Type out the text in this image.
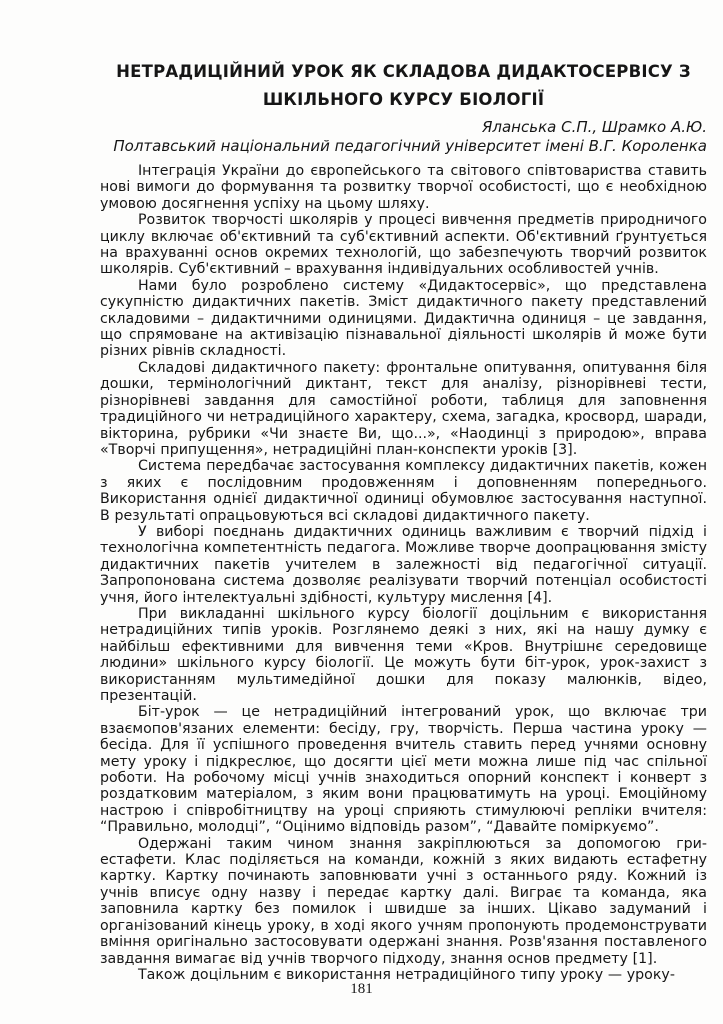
НЕТРАДИЦІЙНИЙ УРОК ЯК СКЛАДОВА ДИДАКТОСЕРВІСУ З ШКІЛЬНОГО КУРСУ БІОЛОГІЇ
Яланська С.П., Шрамко А.Ю.
Полтавський національний педагогічний університет імені В.Г. Короленка

Інтеграція України до європейського та світового співтовариства ставить нові вимоги до формування та розвитку творчої особистості, що є необхідною умовою досягнення успіху на цьому шляху.

Розвиток творчості школярів у процесі вивчення предметів природничого циклу включає об'єктивний та суб'єктивний аспекти. Об'єктивний ґрунтується на врахуванні основ окремих технологій, що забезпечують творчий розвиток школярів. Суб'єктивний – врахування індивідуальних особливостей учнів.

Нами було розроблено систему «Дидактосервіс», що представлена сукупністю дидактичних пакетів. Зміст дидактичного пакету представлений складовими – дидактичними одиницями. Дидактична одиниця – це завдання, що спрямоване на активізацію пізнавальної діяльності школярів й може бути різних рівнів складності.

Складові дидактичного пакету: фронтальне опитування, опитування біля дошки, термінологічний диктант, текст для аналізу, різнорівневі тести, різнорівневі завдання для самостійної роботи, таблиця для заповнення традиційного чи нетрадиційного характеру, схема, загадка, кросворд, шаради, вікторина, рубрики «Чи знаєте Ви, що...», «Наодинці з природою», вправа «Творчі припущення», нетрадиційні план-конспекти уроків [3].

Система передбачає застосування комплексу дидактичних пакетів, кожен з яких є послідовним продовженням і доповненням попереднього. Використання однієї дидактичної одиниці обумовлює застосування наступної. В результаті опрацьовуються всі складові дидактичного пакету.

У виборі поєднань дидактичних одиниць важливим є творчий підхід і технологічна компетентність педагога. Можливе творче доопрацювання змісту дидактичних пакетів учителем в залежності від педагогічної ситуації. Запропонована система дозволяє реалізувати творчий потенціал особистості учня, його інтелектуальні здібності, культуру мислення [4].

При викладанні шкільного курсу біології доцільним є використання нетрадиційних типів уроків. Розглянемо деякі з них, які на нашу думку є найбільш ефективними для вивчення теми «Кров. Внутрішнє середовище людини» шкільного курсу біології. Це можуть бути біт-урок, урок-захист з використанням мультимедійної дошки для показу малюнків, відео, презентацій.

Біт-урок — це нетрадиційний інтегрований урок, що включає три взаємопов'язаних елементи: бесіду, гру, творчість. Перша частина уроку — бесіда. Для її успішного проведення вчитель ставить перед учнями основну мету уроку і підкреслює, що досягти цієї мети можна лише під час спільної роботи. На робочому місці учнів знаходиться опорний конспект і конверт з роздатковим матеріалом, з яким вони працюватимуть на уроці. Емоційному настрою і співробітництву на уроці сприяють стимулюючі репліки вчителя: “Правильно, молодці”, “Оцінимо відповідь разом”, “Давайте поміркуємо”.

Одержані таким чином знання закріплюються за допомогою гри-естафети. Клас поділяється на команди, кожній з яких видають естафетну картку. Картку починають заповнювати учні з останнього ряду. Кожний із учнів вписує одну назву і передає картку далі. Виграє та команда, яка заповнила картку без помилок і швидше за інших. Цікаво задуманий і організований кінець уроку, в ході якого учням пропонують продемонструвати вміння оригінально застосовувати одержані знання. Розв'язання поставленого завдання вимагає від учнів творчого підходу, знання основ предмету [1].

Також доцільним є використання нетрадиційного типу уроку — уроку-

181
